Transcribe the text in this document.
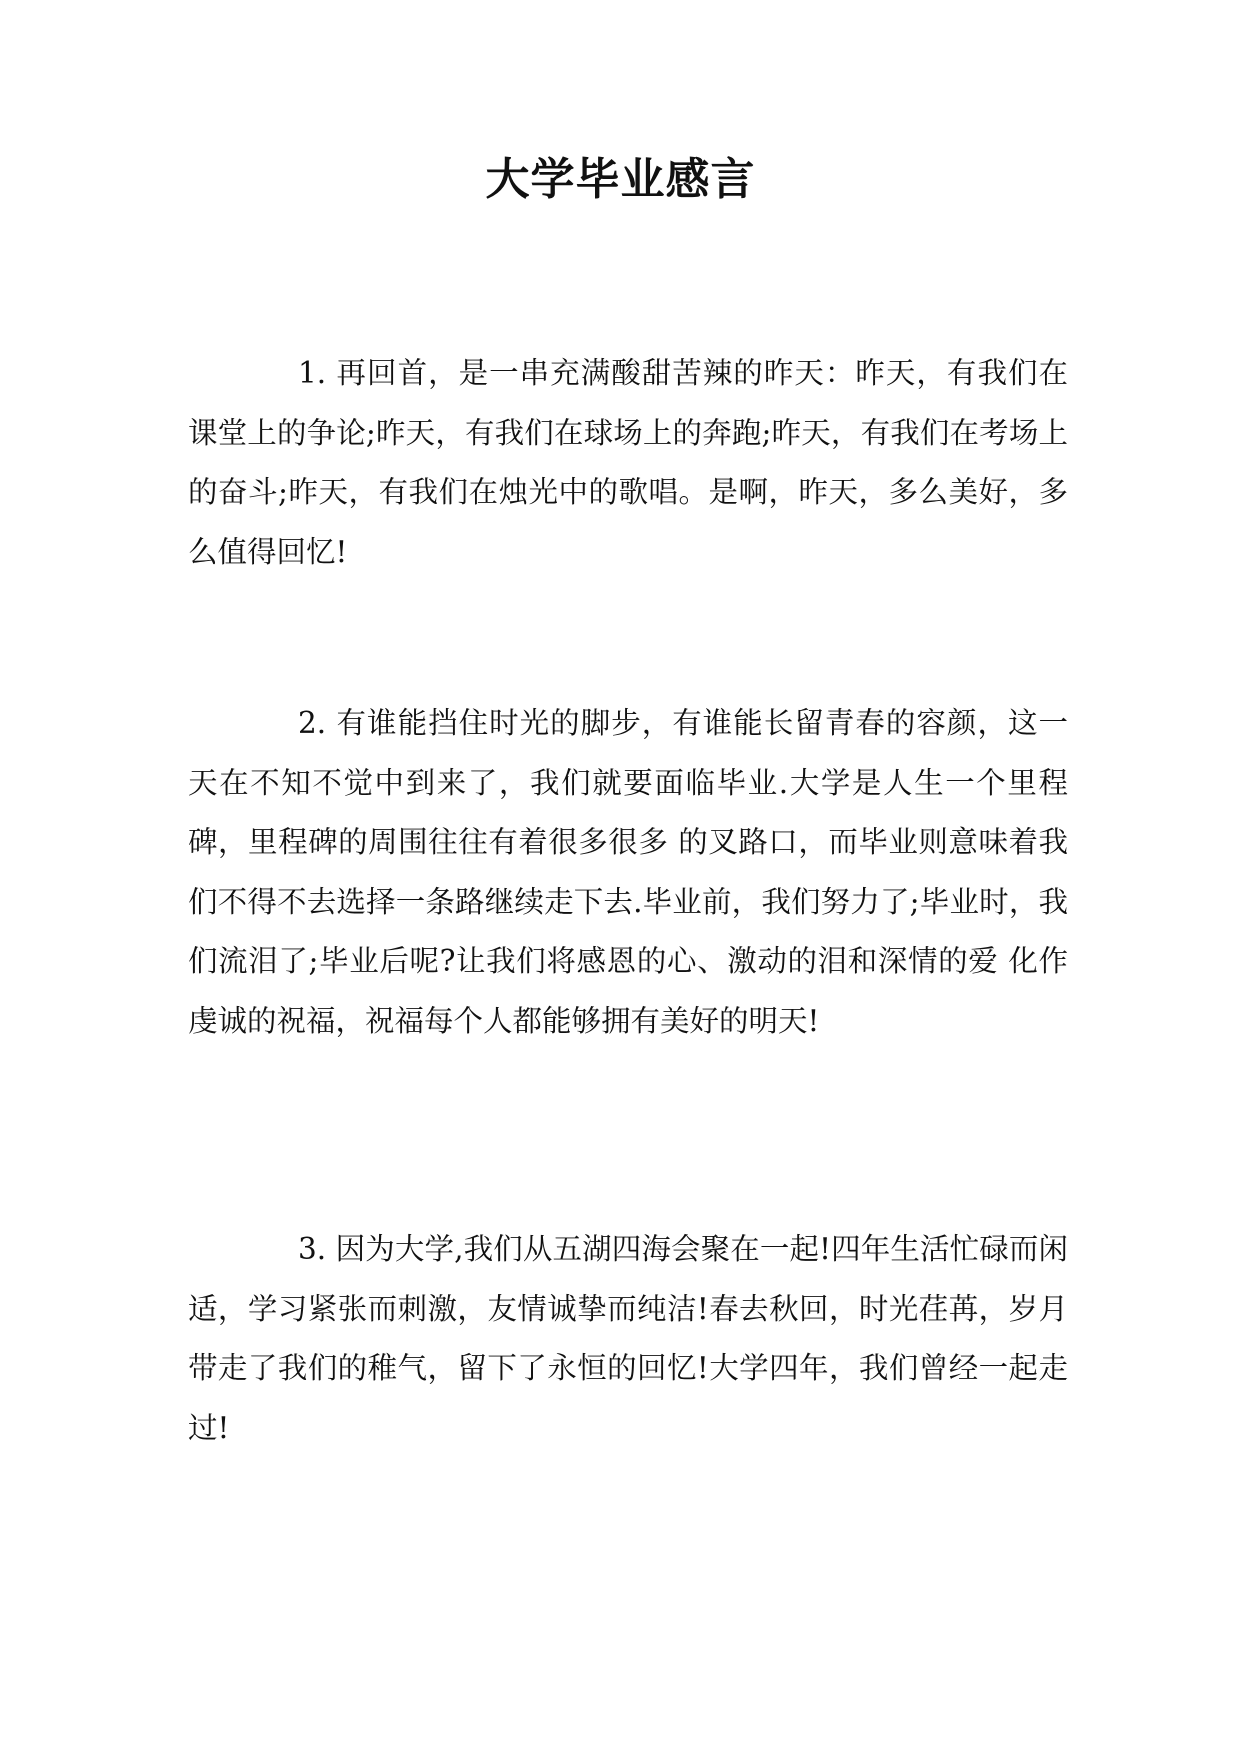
大学毕业感言

1. 再回首，是一串充满酸甜苦辣的昨天：昨天，有我们在课堂上的争论;昨天，有我们在球场上的奔跑;昨天，有我们在考场上的奋斗;昨天，有我们在烛光中的歌唱。是啊，昨天，多么美好，多么值得回忆!

2. 有谁能挡住时光的脚步，有谁能长留青春的容颜，这一天在不知不觉中到来了，我们就要面临毕业.大学是人生一个里程碑，里程碑的周围往往有着很多很多 的叉路口，而毕业则意味着我们不得不去选择一条路继续走下去.毕业前，我们努力了;毕业时，我们流泪了;毕业后呢?让我们将感恩的心、激动的泪和深情的爱 化作虔诚的祝福，祝福每个人都能够拥有美好的明天!

3. 因为大学,我们从五湖四海会聚在一起!四年生活忙碌而闲适，学习紧张而刺激，友情诚挚而纯洁!春去秋回，时光荏苒，岁月带走了我们的稚气，留下了永恒的回忆!大学四年，我们曾经一起走过!
